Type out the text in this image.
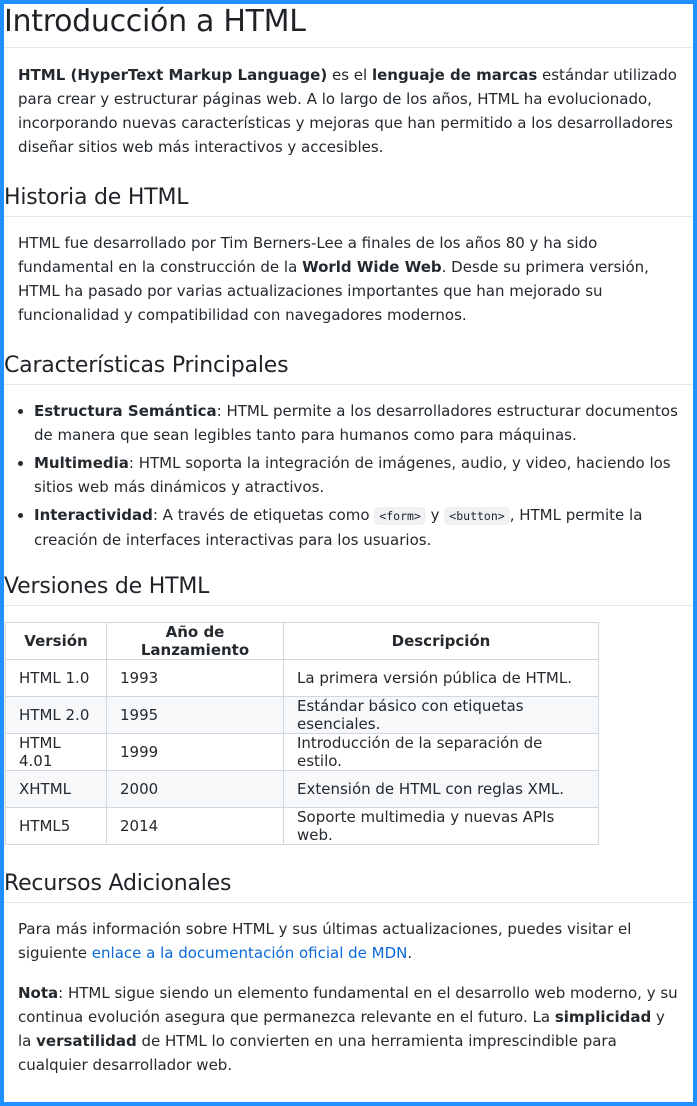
Introducción a HTML

HTML (HyperText Markup Language) es el lenguaje de marcas estándar utilizado para crear y estructurar páginas web. A lo largo de los años, HTML ha evolucionado, incorporando nuevas características y mejoras que han permitido a los desarrolladores diseñar sitios web más interactivos y accesibles.

Historia de HTML

HTML fue desarrollado por Tim Berners-Lee a finales de los años 80 y ha sido fundamental en la construcción de la World Wide Web. Desde su primera versión, HTML ha pasado por varias actualizaciones importantes que han mejorado su funcionalidad y compatibilidad con navegadores modernos.

Características Principales
• Estructura Semántica: HTML permite a los desarrolladores estructurar documentos de manera que sean legibles tanto para humanos como para máquinas.
• Multimedia: HTML soporta la integración de imágenes, audio, y video, haciendo los sitios web más dinámicos y atractivos.
• Interactividad: A través de etiquetas como <form> y <button> , HTML permite la creación de interfaces interactivas para los usuarios.
Versiones de HTML
Versión	Año de Lanzamiento	Descripción
HTML 1.0	1993	La primera versión pública de HTML.
HTML 2.0	1995	Estándar básico con etiquetas esenciales.
HTML 4.01	1999	Introducción de la separación de estilo.
XHTML	2000	Extensión de HTML con reglas XML.
HTML5	2014	Soporte multimedia y nuevas APIs web.
Recursos Adicionales

Para más información sobre HTML y sus últimas actualizaciones, puedes visitar el siguiente enlace a la documentación oficial de MDN.

Nota: HTML sigue siendo un elemento fundamental en el desarrollo web moderno, y su continua evolución asegura que permanezca relevante en el futuro. La simplicidad y la versatilidad de HTML lo convierten en una herramienta imprescindible para cualquier desarrollador web.
